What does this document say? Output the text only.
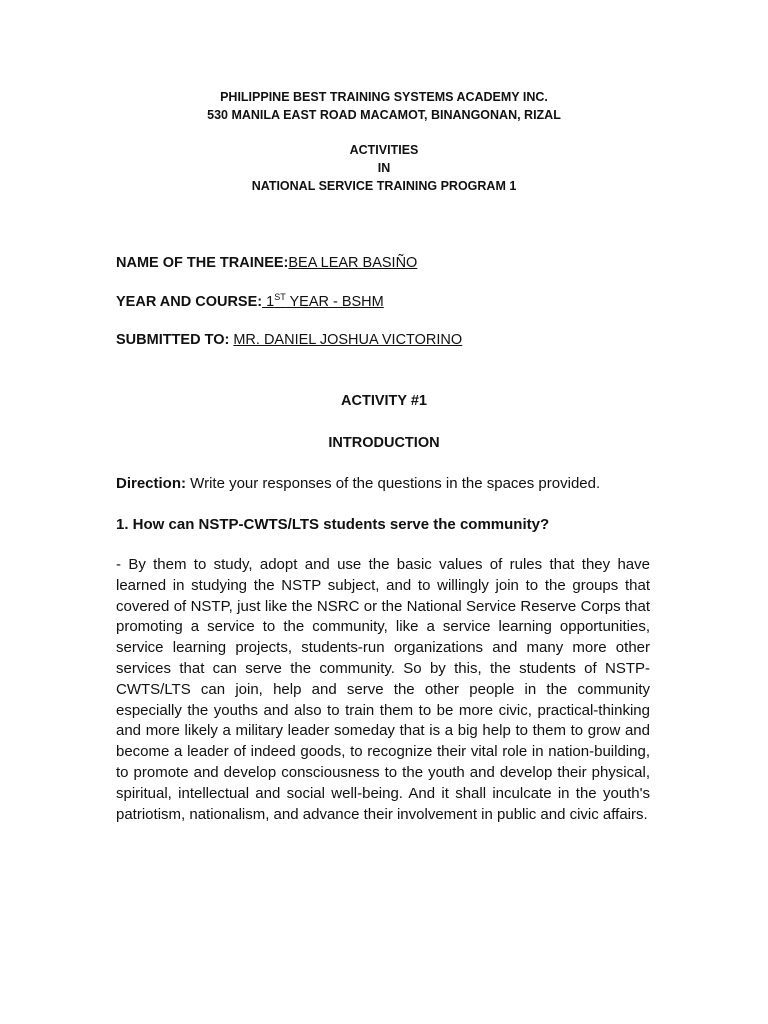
PHILIPPINE BEST TRAINING SYSTEMS ACADEMY INC.
530 MANILA EAST ROAD MACAMOT, BINANGONAN, RIZAL
ACTIVITIES
IN
NATIONAL SERVICE TRAINING PROGRAM 1
NAME OF THE TRAINEE:BEA LEAR BASIÑO
YEAR AND COURSE: 1ST YEAR - BSHM
SUBMITTED TO: MR. DANIEL JOSHUA VICTORINO
ACTIVITY #1
INTRODUCTION
Direction: Write your responses of the questions in the spaces provided.
1. How can NSTP-CWTS/LTS students serve the community?

- By them to study, adopt and use the basic values of rules that they have learned in studying the NSTP subject, and to willingly join to the groups that covered of NSTP, just like the NSRC or the National Service Reserve Corps that promoting a service to the community, like a service learning opportunities, service learning projects, students-run organizations and many more other services that can serve the community. So by this, the students of NSTP-CWTS/LTS can join, help and serve the other people in the community especially the youths and also to train them to be more civic, practical-thinking and more likely a military leader someday that is a big help to them to grow and become a leader of indeed goods, to recognize their vital role in nation-building, to promote and develop consciousness to the youth and develop their physical, spiritual, intellectual and social well-being. And it shall inculcate in the youth's patriotism, nationalism, and advance their involvement in public and civic affairs.
